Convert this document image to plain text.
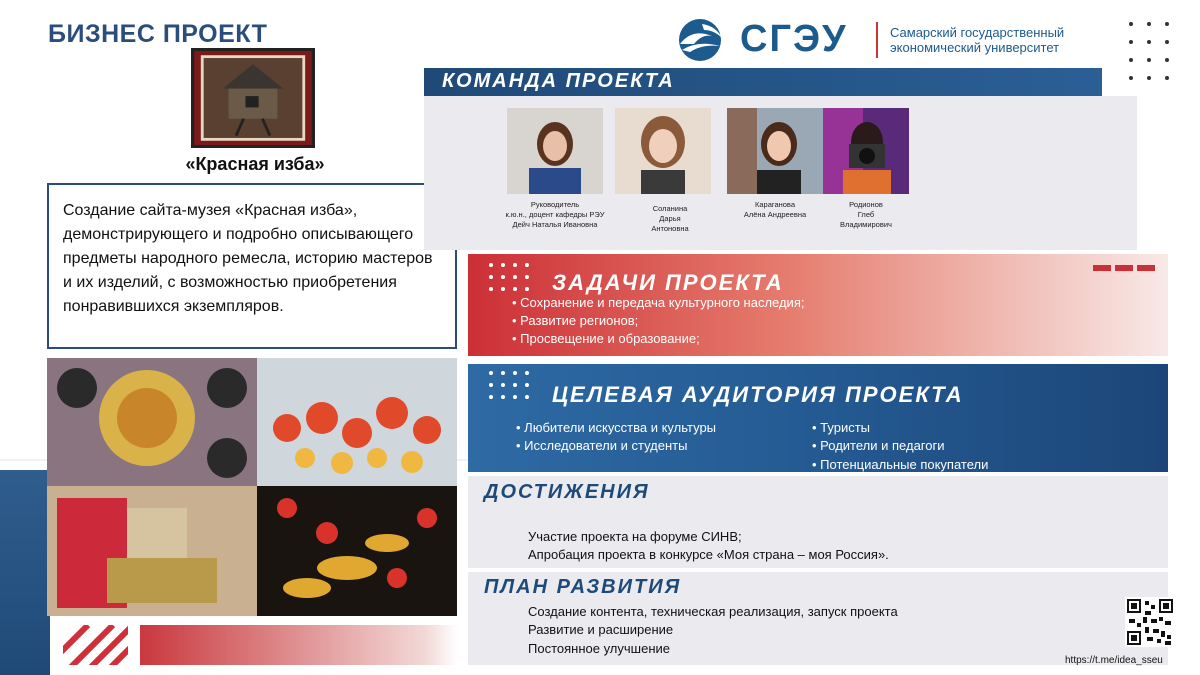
БИЗНЕС ПРОЕКТ	СГЭУ	Самарский государственный экономический университет
«Красная изба»
Создание сайта-музея «Красная изба», демонстрирующего и подробно описывающего предметы народного ремесла, историю мастеров и их изделий, с возможностью приобретения понравившихся экземпляров.
КОМАНДА ПРОЕКТА
Руководитель
к.ю.н., доцент кафедры РЭУ
Дейч Наталья Ивановна
Соланина
Дарья
Антоновна
Караганова
Алёна Андреевна
Родионов
Глеб
Владимирович
ЗАДАЧИ ПРОЕКТА
• Сохранение и передача культурного наследия;
• Развитие регионов;
• Просвещение и образование;
ЦЕЛЕВАЯ АУДИТОРИЯ ПРОЕКТА
• Любители искусства и культуры
• Исследователи и студенты
• Туристы
• Родители и педагоги
• Потенциальные покупатели
ДОСТИЖЕНИЯ
Участие проекта на форуме СИНВ;
Апробация проекта в конкурсе «Моя страна – моя Россия».
ПЛАН РАЗВИТИЯ
Создание контента, техническая реализация, запуск проекта
Развитие и расширение
Постоянное улучшение
https://t.me/idea_sseu
